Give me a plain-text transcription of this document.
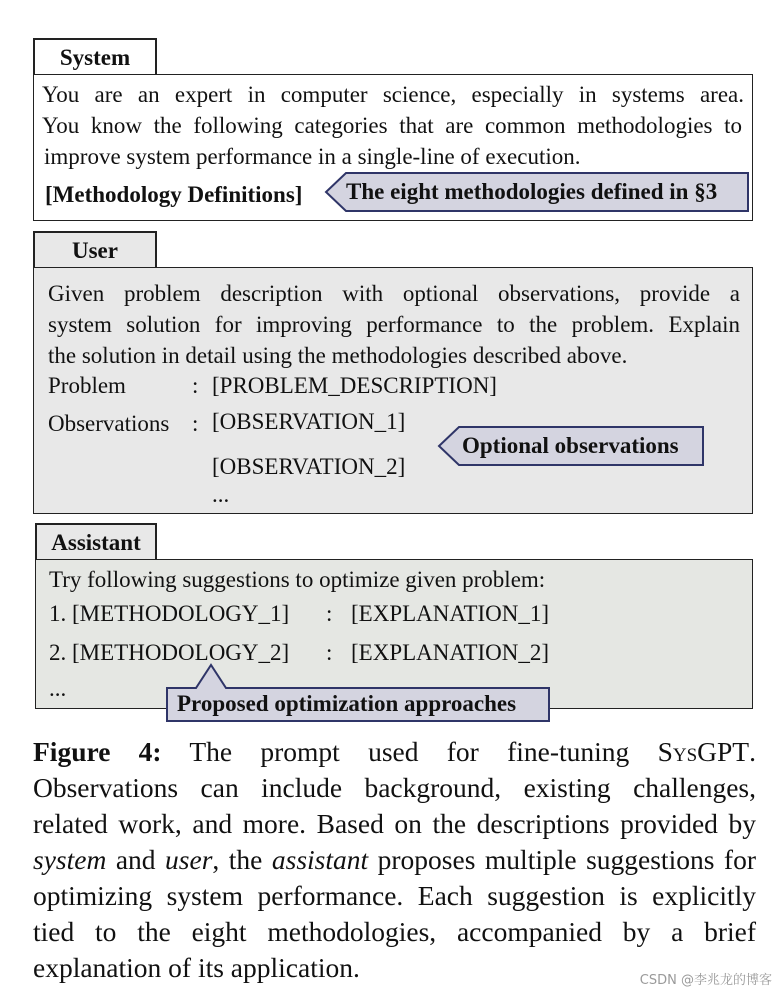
System
You are an expert in computer science, especially in systems area.
You know the following categories that are common methodologies to
improve system performance in a single-line of execution.
[Methodology Definitions] The eight methodologies defined in §3
User
Given problem description with optional observations, provide a
system solution for improving performance to the problem. Explain
the solution in detail using the methodologies described above.
Problem	: [PROBLEM_DESCRIPTION]
Observations : [OBSERVATION_1]
[OBSERVATION_2]
...
Optional observations
Assistant
Try following suggestions to optimize given problem:
1. [METHODOLOGY_1] : [EXPLANATION_1]
2. [METHODOLOGY_2] : [EXPLANATION_2]
...
Proposed optimization approaches

Figure 4: The prompt used for fine-tuning SysGPT. Observations can include background, existing challenges, related work, and more. Based on the descriptions provided by system and user, the assistant proposes multiple suggestions for optimizing system performance. Each suggestion is explicitly tied to the eight methodologies, accompanied by a brief explanation of its application.	CSDN @李兆龙的博客
